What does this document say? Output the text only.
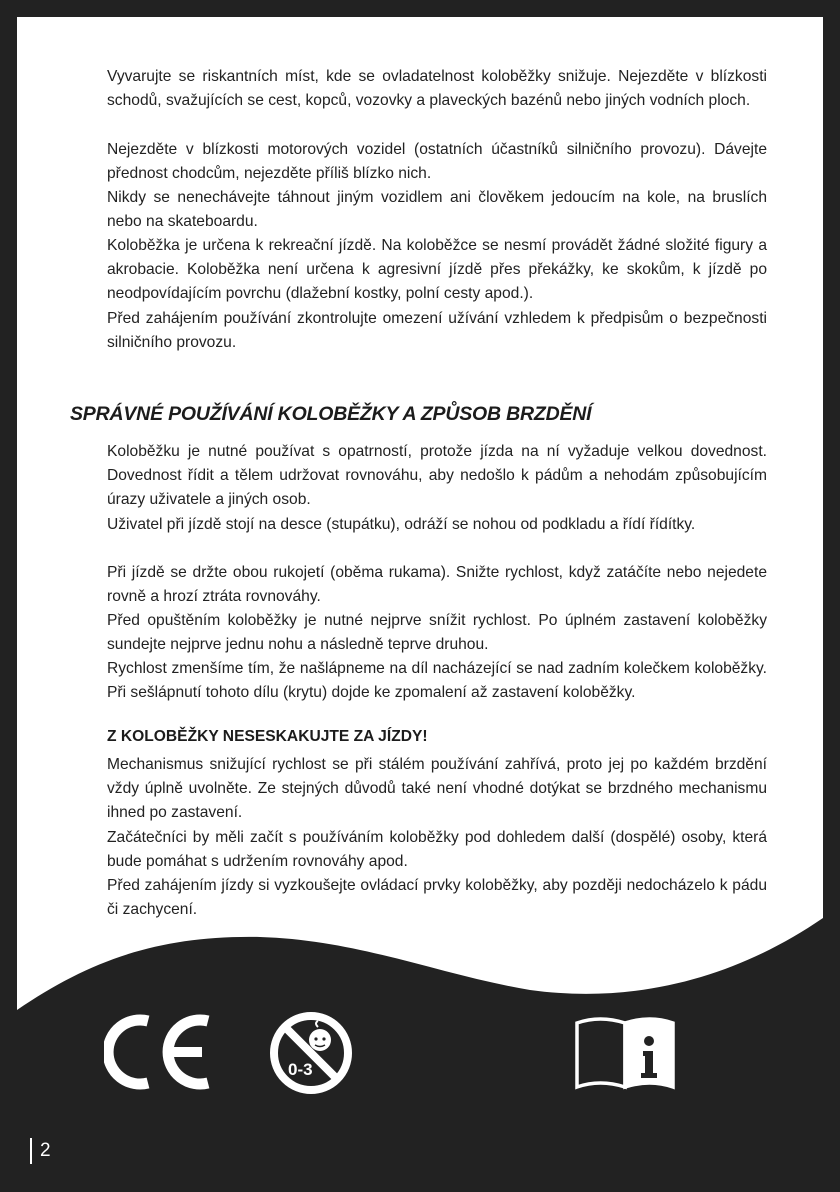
Vyvarujte se riskantních míst, kde se ovladatelnost koloběžky snižuje. Nejezděte v blízkosti schodů, svažujících se cest, kopců, vozovky a plaveckých bazénů nebo jiných vodních ploch.

Nejezděte v blízkosti motorových vozidel (ostatních účastníků silničního provozu). Dávejte přednost chodcům, nejezděte příliš blízko nich.

Nikdy se nenechávejte táhnout jiným vozidlem ani člověkem jedoucím na kole, na bruslích nebo na skateboardu.

Koloběžka je určena k rekreační jízdě. Na koloběžce se nesmí provádět žádné složité figury a akrobacie. Koloběžka není určena k agresivní jízdě přes překážky, ke skokům, k jízdě po neodpovídajícím povrchu (dlažební kostky, polní cesty apod.).

Před zahájením používání zkontrolujte omezení užívání vzhledem k předpisům o bezpečnosti silničního provozu.

SPRÁVNÉ POUŽÍVÁNÍ KOLOBĚŽKY A ZPŮSOB BRZDĚNÍ

Koloběžku je nutné používat s opatrností, protože jízda na ní vyžaduje velkou dovednost. Dovednost řídit a tělem udržovat rovnováhu, aby nedošlo k pádům a nehodám způsobujícím úrazy uživatele a jiných osob.

Uživatel při jízdě stojí na desce (stupátku), odráží se nohou od podkladu a řídí řídítky.

Při jízdě se držte obou rukojetí (oběma rukama). Snižte rychlost, když zatáčíte nebo nejedete rovně a hrozí ztráta rovnováhy.

Před opuštěním koloběžky je nutné nejprve snížit rychlost. Po úplném zastavení koloběžky sundejte nejprve jednu nohu a následně teprve druhou.

Rychlost zmenšíme tím, že našlápneme na díl nacházející se nad zadním kolečkem koloběžky. Při sešlápnutí tohoto dílu (krytu) dojde ke zpomalení až zastavení koloběžky.

Z KOLOBĚŽKY NESESKAKUJTE ZA JÍZDY!

Mechanismus snižující rychlost se při stálém používání zahřívá, proto jej po každém brzdění vždy úplně uvolněte. Ze stejných důvodů také není vhodné dotýkat se brzdného mechanismu ihned po zastavení.

Začátečníci by měli začít s používáním koloběžky pod dohledem další (dospělé) osoby, která bude pomáhat s udržením rovnováhy apod.

Před zahájením jízdy si vyzkoušejte ovládací prvky koloběžky, aby později nedocházelo k pádu či zachycení.

0-3
2
